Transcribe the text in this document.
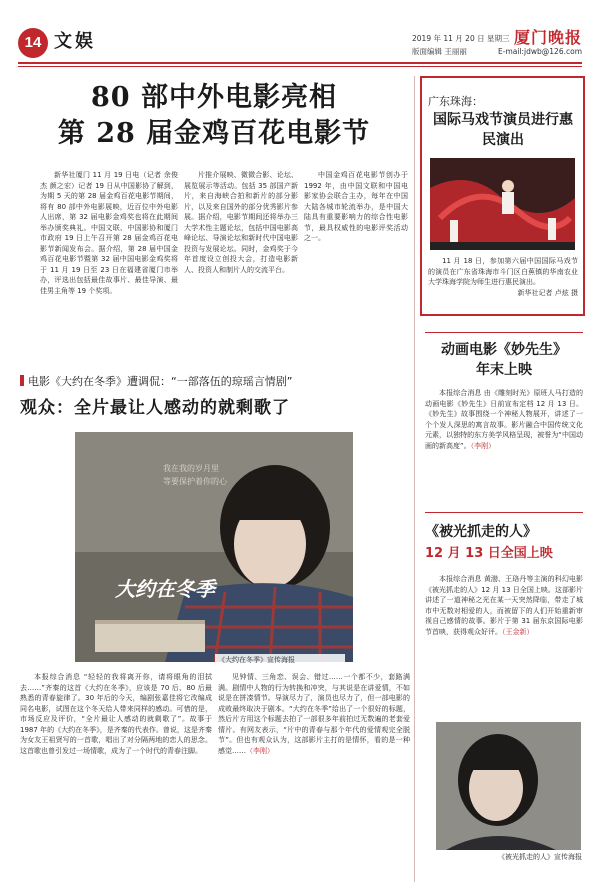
14 文娱	2019 年 11 月 20 日 星期三 厦门晚报
版面编辑 王丽丽	E-mail:jdwb@126.com
80 部中外电影亮相
第 28 届金鸡百花电影节

新华社厦门 11 月 19 日电（记者 余俊杰 颜之宏）记者 19 日从中国影协了解到，为期 5 天的第 28 届金鸡百花电影节期间，将有 80 部中外电影展映，近百位中外电影人出席，第 32 届电影金鸡奖也将在此期间举办颁奖典礼。中国文联、中国影协和厦门市政府 19 日上午召开第 28 届金鸡百花电影节新闻发布会。据介绍，第 28 届中国金鸡百花电影节暨第 32 届中国电影金鸡奖将于 11 月 19 日至 23 日在福建省厦门市举办，评选出包括最佳故事片、最佳导演、最佳男主角等 19 个奖项。

片推介展映、微微合影、论坛、展览展示等活动。包括 35 部国产新片，来自海峡合拍和新片的部分影片，以及来自国外的部分优秀影片参展。据介绍，电影节期间还将举办三大学术性主题论坛，包括中国电影高峰论坛、导演论坛和新时代中国电影投资与发展论坛。同时，金鸡奖于今年首度设立创投大会，打造电影新人、投资人和制片人的交流平台。

中国金鸡百花电影节创办于 1992 年，由中国文联和中国电影家协会联合主办，每年在中国大陆各城市轮流举办，是中国大陆具有重要影响力的综合性电影节，最具权威性的电影评奖活动之一。

电影《大约在冬季》遭调侃：“一部落伍的琼瑶言情剧”
观众：全片最让人感动的就剩歌了
我在我的岁月里
等要保护着你的心
大约在冬季
《大约在冬季》宣传海报

本报综合消息 “轻轻的我将离开你，请将眼角的泪拭去……”齐秦的这首《大约在冬季》，应该是 70 后、80 后最熟悉的青春旋律了。30 年后的今天，编剧张嘉佳将它改编成同名电影，试图在这个冬天给人带来同样的感动。可惜的是，市场反应及评价，“全片最让人感动的就剩歌了”。故事于 1987 年的《大约在冬季》，是齐秦的代表作。曾说，这是齐秦为女友王祖贤写的一首歌，唱出了对分隔两地的恋人的思念。这首歌也曾引发过一场情歌，成为了一个时代的青春注脚。

见钟情、三角恋、误会、错过……一个都不少，套路满满。剧情中人物的行为转换和冲突，与其说是在讲爱情，不如说是在拼凑情节。导演尽力了，演员也尽力了，但一部电影的成败最终取决于剧本。“大约在冬季”给出了一个很好的标题，然后片方用这个标题去拍了一部很多年前拍过无数遍的老套爱情片。有网友表示，“片中的青春与那个年代的爱情观完全脱节”。但也有观众认为，这部影片主打的是情怀，看的是一种感觉……（李刚）

广东珠海：
国际马戏节演员进行惠民演出

11 月 18 日，参加第六届中国国际马戏节的演员在广东省珠海市斗门区白蕉镇的华南农业大学珠海学院为师生进行惠民演出。

新华社记者 卢炫 摄

动画电影《妙先生》
年末上映

本报综合消息 由《雕刻时光》原班人马打造的动画电影《妙先生》日前宣布定档 12 月 13 日。《妙先生》故事围绕一个神秘人物展开，讲述了一个个发人深思的寓言故事。影片融合中国传统文化元素，以独特的东方美学风格呈现，被誉为“中国动画的新高度”。（李刚）

《被光抓走的人》
12 月 13 日全国上映

本报综合消息 黄渤、王珞丹等主演的科幻电影《被光抓走的人》12 月 13 日全国上映。这部影片讲述了一道神秘之光在某一天突然降临，带走了城市中无数对相爱的人，而被留下的人们开始重新审视自己感情的故事。影片于第 31 届东京国际电影节首映，获得观众好评。（王金新）

《被光抓走的人》宣传海报
